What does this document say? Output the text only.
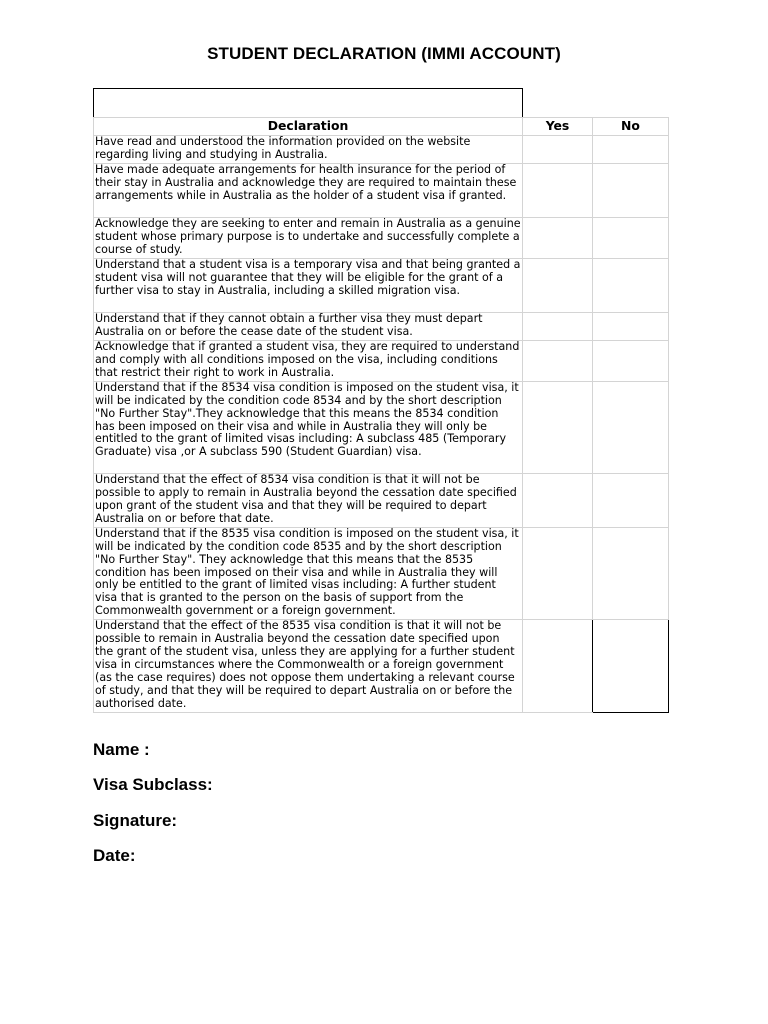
STUDENT DECLARATION (IMMI ACCOUNT)
Declaration	Yes	No
Have read and understood the information provided on the website regarding living and studying in Australia.		
Have made adequate arrangements for health insurance for the period of their stay in Australia and acknowledge they are required to maintain these arrangements while in Australia as the holder of a student visa if granted.		
Acknowledge they are seeking to enter and remain in Australia as a genuine student whose primary purpose is to undertake and successfully complete a course of study.		
Understand that a student visa is a temporary visa and that being granted a student visa will not guarantee that they will be eligible for the grant of a further visa to stay in Australia, including a skilled migration visa.		
Understand that if they cannot obtain a further visa they must depart Australia on or before the cease date of the student visa.		
Acknowledge that if granted a student visa, they are required to understand and comply with all conditions imposed on the visa, including conditions that restrict their right to work in Australia.		
Understand that if the 8534 visa condition is imposed on the student visa, it will be indicated by the condition code 8534 and by the short description "No Further Stay".They acknowledge that this means the 8534 condition has been imposed on their visa and while in Australia they will only be entitled to the grant of limited visas including: A subclass 485 (Temporary Graduate) visa ,or A subclass 590 (Student Guardian) visa.		
Understand that the effect of 8534 visa condition is that it will not be possible to apply to remain in Australia beyond the cessation date specified upon grant of the student visa and that they will be required to depart Australia on or before that date.		
Understand that if the 8535 visa condition is imposed on the student visa, it will be indicated by the condition code 8535 and by the short description "No Further Stay". They acknowledge that this means that the 8535 condition has been imposed on their visa and while in Australia they will only be entitled to the grant of limited visas including: A further student visa that is granted to the person on the basis of support from the Commonwealth government or a foreign government.		
Understand that the effect of the 8535 visa condition is that it will not be possible to remain in Australia beyond the cessation date specified upon the grant of the student visa, unless they are applying for a further student visa in circumstances where the Commonwealth or a foreign government (as the case requires) does not oppose them undertaking a relevant course of study, and that they will be required to depart Australia on or before the authorised date.		
Name :
Visa Subclass:
Signature:
Date:
